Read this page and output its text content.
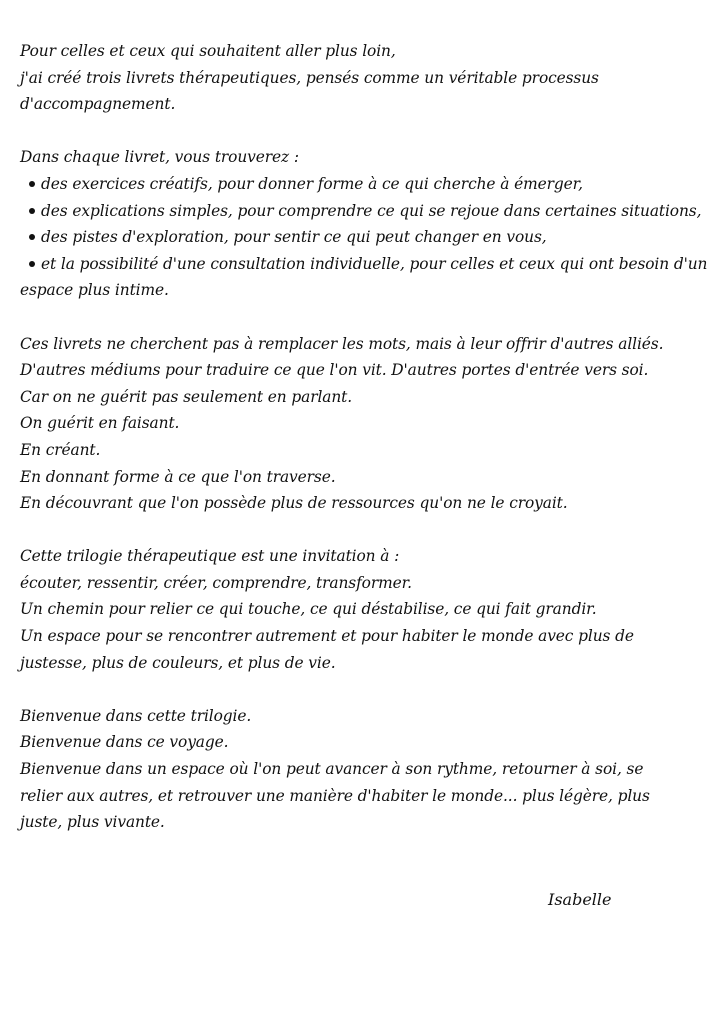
Pour celles et ceux qui souhaitent aller plus loin,
j'ai créé trois livrets thérapeutiques, pensés comme un véritable processus
d'accompagnement.
Dans chaque livret, vous trouverez :
des exercices créatifs, pour donner forme à ce qui cherche à émerger,
des explications simples, pour comprendre ce qui se rejoue dans certaines situations,
des pistes d'exploration, pour sentir ce qui peut changer en vous,
et la possibilité d'une consultation individuelle, pour celles et ceux qui ont besoin d'un espace plus intime.
Ces livrets ne cherchent pas à remplacer les mots, mais à leur offrir d'autres alliés.
D'autres médiums pour traduire ce que l'on vit. D'autres portes d'entrée vers soi.
Car on ne guérit pas seulement en parlant.
On guérit en faisant.
En créant.
En donnant forme à ce que l'on traverse.
En découvrant que l'on possède plus de ressources qu'on ne le croyait.
Cette trilogie thérapeutique est une invitation à :
écouter, ressentir, créer, comprendre, transformer.
Un chemin pour relier ce qui touche, ce qui déstabilise, ce qui fait grandir.
Un espace pour se rencontrer autrement et pour habiter le monde avec plus de
justesse, plus de couleurs, et plus de vie.
Bienvenue dans cette trilogie.
Bienvenue dans ce voyage.
Bienvenue dans un espace où l'on peut avancer à son rythme, retourner à soi, se
relier aux autres, et retrouver une manière d'habiter le monde... plus légère, plus
juste, plus vivante.
Isabelle
